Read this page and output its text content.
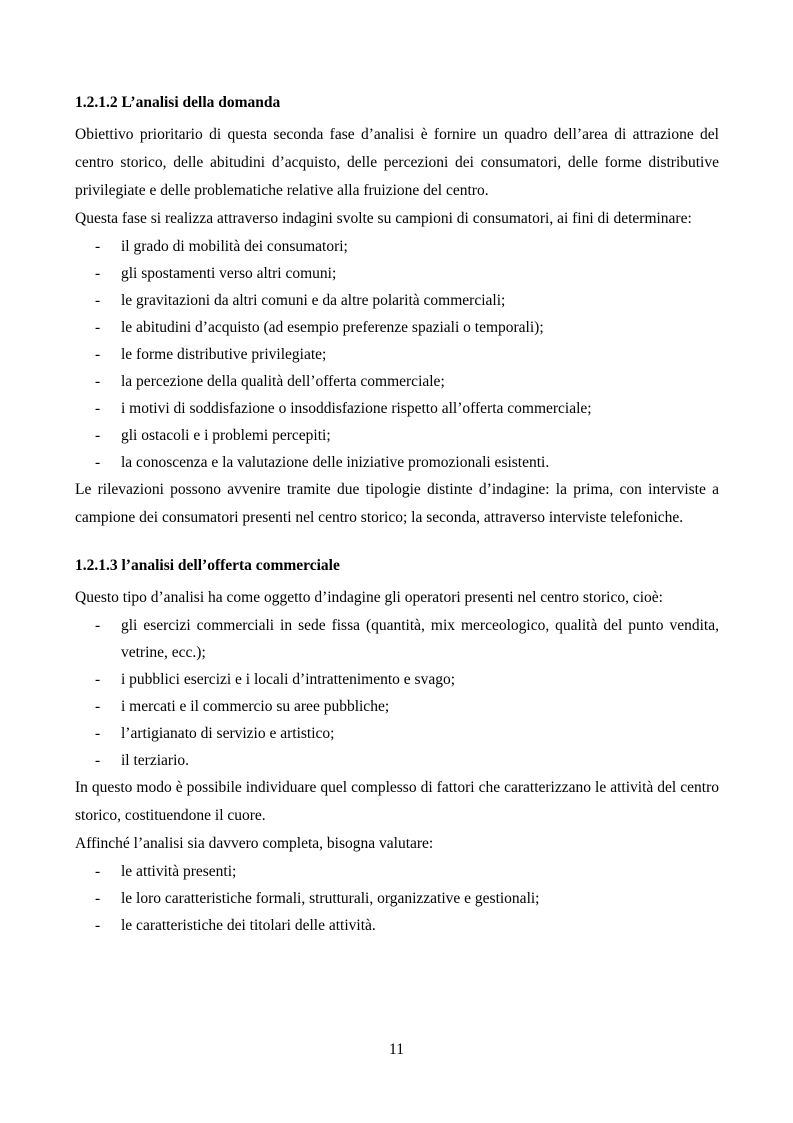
1.2.1.2 L’analisi della domanda

Obiettivo prioritario di questa seconda fase d’analisi è fornire un quadro dell’area di attrazione del centro storico, delle abitudini d’acquisto, delle percezioni dei consumatori, delle forme distributive privilegiate e delle problematiche relative alla fruizione del centro.

Questa fase si realizza attraverso indagini svolte su campioni di consumatori, ai fini di determinare:

- il grado di mobilità dei consumatori;
- gli spostamenti verso altri comuni;
- le gravitazioni da altri comuni e da altre polarità commerciali;
- le abitudini d’acquisto (ad esempio preferenze spaziali o temporali);
- le forme distributive privilegiate;
- la percezione della qualità dell’offerta commerciale;
- i motivi di soddisfazione o insoddisfazione rispetto all’offerta commerciale;
- gli ostacoli e i problemi percepiti;
- la conoscenza e la valutazione delle iniziative promozionali esistenti.

Le rilevazioni possono avvenire tramite due tipologie distinte d’indagine: la prima, con interviste a campione dei consumatori presenti nel centro storico; la seconda, attraverso interviste telefoniche.

1.2.1.3 l’analisi dell’offerta commerciale

Questo tipo d’analisi ha come oggetto d’indagine gli operatori presenti nel centro storico, cioè:

- gli esercizi commerciali in sede fissa (quantità, mix merceologico, qualità del punto vendita, vetrine, ecc.);
- i pubblici esercizi e i locali d’intrattenimento e svago;
- i mercati e il commercio su aree pubbliche;
- l’artigianato di servizio e artistico;
- il terziario.

In questo modo è possibile individuare quel complesso di fattori che caratterizzano le attività del centro storico, costituendone il cuore.

Affinché l’analisi sia davvero completa, bisogna valutare:

- le attività presenti;
- le loro caratteristiche formali, strutturali, organizzative e gestionali;
- le caratteristiche dei titolari delle attività.
11
